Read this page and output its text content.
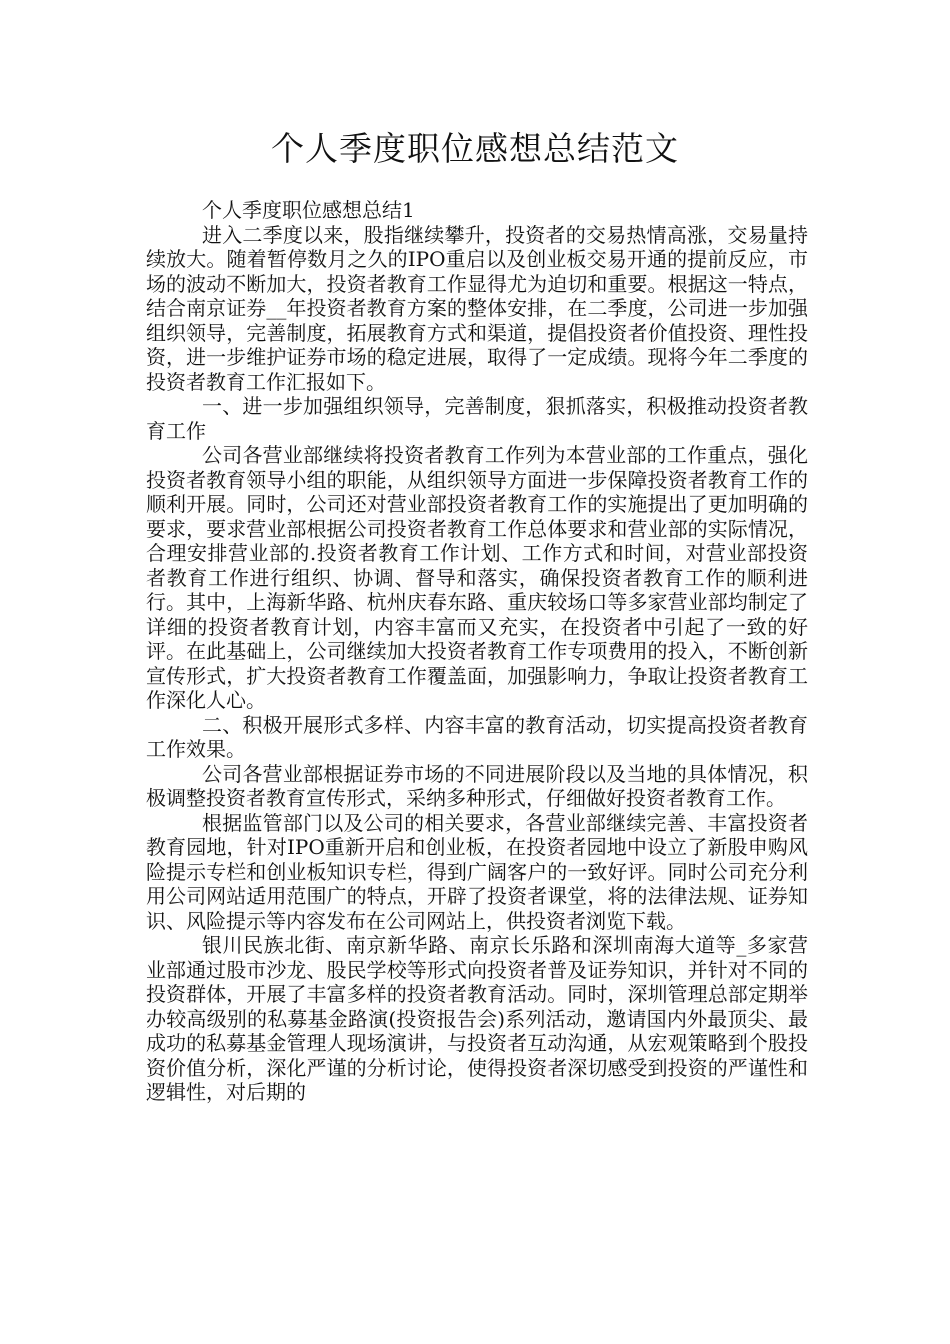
个人季度职位感想总结范文

个人季度职位感想总结1

进入二季度以来，股指继续攀升，投资者的交易热情高涨，交易量持续放大。随着暂停数月之久的IPO重启以及创业板交易开通的提前反应，市场的波动不断加大，投资者教育工作显得尤为迫切和重要。根据这一特点，结合南京证券__年投资者教育方案的整体安排，在二季度，公司进一步加强组织领导，完善制度，拓展教育方式和渠道，提倡投资者价值投资、理性投资，进一步维护证券市场的稳定进展，取得了一定成绩。现将今年二季度的投资者教育工作汇报如下。

一、进一步加强组织领导，完善制度，狠抓落实，积极推动投资者教育工作

公司各营业部继续将投资者教育工作列为本营业部的工作重点，强化投资者教育领导小组的职能，从组织领导方面进一步保障投资者教育工作的顺利开展。同时，公司还对营业部投资者教育工作的实施提出了更加明确的要求，要求营业部根据公司投资者教育工作总体要求和营业部的实际情况，合理安排营业部的.投资者教育工作计划、工作方式和时间，对营业部投资者教育工作进行组织、协调、督导和落实，确保投资者教育工作的顺利进行。其中，上海新华路、杭州庆春东路、重庆较场口等多家营业部均制定了详细的投资者教育计划，内容丰富而又充实，在投资者中引起了一致的好评。在此基础上，公司继续加大投资者教育工作专项费用的投入，不断创新宣传形式，扩大投资者教育工作覆盖面，加强影响力，争取让投资者教育工作深化人心。

二、积极开展形式多样、内容丰富的教育活动，切实提高投资者教育工作效果。

公司各营业部根据证券市场的不同进展阶段以及当地的具体情况，积极调整投资者教育宣传形式，采纳多种形式，仔细做好投资者教育工作。

根据监管部门以及公司的相关要求，各营业部继续完善、丰富投资者教育园地，针对IPO重新开启和创业板，在投资者园地中设立了新股申购风险提示专栏和创业板知识专栏，得到广阔客户的一致好评。同时公司充分利用公司网站适用范围广的特点，开辟了投资者课堂，将的法律法规、证券知识、风险提示等内容发布在公司网站上，供投资者浏览下载。

银川民族北街、南京新华路、南京长乐路和深圳南海大道等_多家营业部通过股市沙龙、股民学校等形式向投资者普及证券知识，并针对不同的投资群体，开展了丰富多样的投资者教育活动。同时，深圳管理总部定期举办较高级别的私募基金路演(投资报告会)系列活动，邀请国内外最顶尖、最成功的私募基金管理人现场演讲，与投资者互动沟通，从宏观策略到个股投资价值分析，深化严谨的分析讨论，使得投资者深切感受到投资的严谨性和逻辑性，对后期的
